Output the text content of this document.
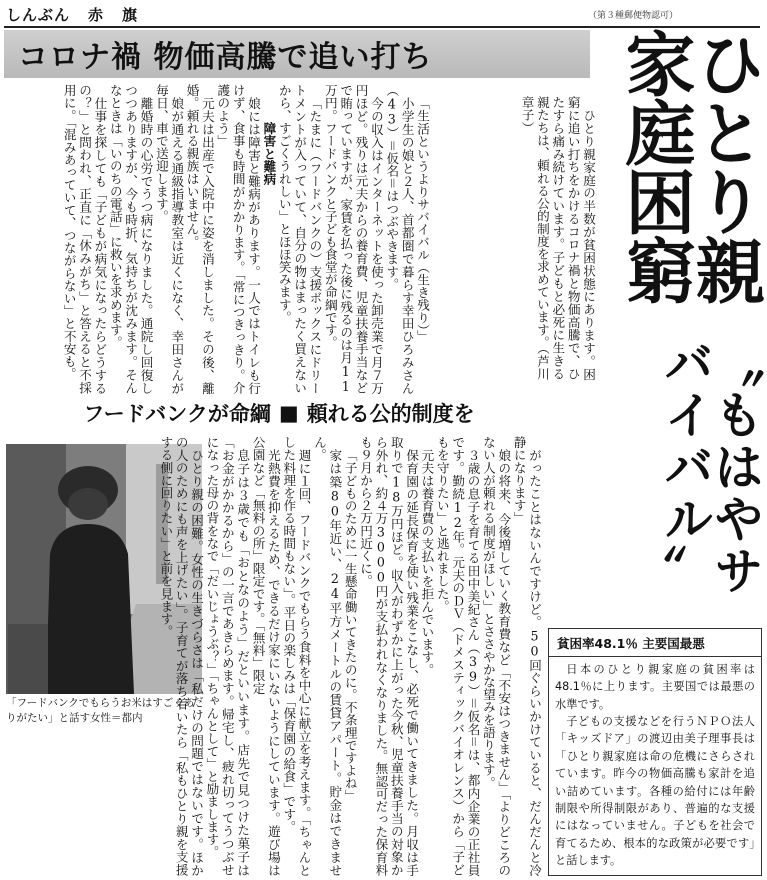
しんぶん 赤 旗	（第３種郵便物認可）
コロナ禍 物価高騰で追い打ち	ひとり親家庭困窮
〝もはやサバイバル〟

ひとり親家庭の半数が貧困状態にあります。困窮に追い打ちをかけるコロナ禍と物価高騰で、ひたすら痛み続けています。子どもと必死に生きる親たちは、頼れる公的制度を求めています。（芦川章子）

「生活というよりサバイバル（生き残り）」

小学生の娘と２人、首都圏で暮らす幸田ひろみさん（43）＝仮名＝はつぶやきます。

今の収入はインターネットを使った卸売業で月７万円ほど。残りは元夫からの養育費、児童扶養手当などで賄っていますが、家賃を払った後に残るのは月11万円。フードバンクと子ども食堂が命綱です。

「たまに（フードバンクの）支援ボックスにドリートメントが入っていて、自分の物はまったく買えないから、すごくうれしい」とほほ笑みます。

障害と難病

娘には障害と難病があります。一人ではトイレも行けず、食事も時間がかかります。「常につきっきり。介護のよう」

元夫は出産で入院中に姿を消しました。その後、離婚。頼れる親族はいません。

娘が通える通級指導教室は近くになく、幸田さんが毎日、車で送迎します。

離婚時の心労でうつ病になりました。通院し回復しつつありますが、今も時折、気持ちが沈みます。そんなときは「いのちの電話」に救いを求めます。

仕事を探しても「子どもが病気になったらどうするの？」と問われ、正直に「休みがち」と答えると不採用に。「混みあっていて、つながらない」と不安も。

フードバンクが命綱 ■ 頼れる公的制度を
「フードバンクでもらうお米はすごくありがたい」と話す女性＝都内	がったことはないんですけど。50回ぐらいかけていると、だんだんと冷静になります」

娘の将来、今後増していく教育費など「不安はつきません」「よりどころのない人が頼れる制度がほしい」とささやかな望みを語ります。

３歳の息子を育てる田中美紀さん（39）＝仮名＝は、都内企業の正社員です。勤続12年。元夫のＤＶ（ドメスティックバイオレンス）から「子どもを守りたい」と逃れました。

元夫は養育費の支払いを拒んでいます。

保育園の延長保育を使い残業をこなし、必死で働いてきました。月収は手取りで18万円ほど。収入がわずかに上がった今秋、児童扶養手当の対象から外れ、約４万3000円が支払われなくなりました。無認可だった保育料も９月から２万円近くに。

「子どものために一生懸命働いてきたのに。不条理ですよね」

家は築80年近い、24平方メートルの賃貸アパート。貯金はできません。

週に１回、フードバンクでもらう食料を中心に献立を考えます。「ちゃんとした料理を作る時間もない」。平日の楽しみは「保育園の給食」です。

光熱費を抑えるため、できるだけ家にいないようにしています。遊び場は公園など「無料の所」限定です。「無料」限定

息子は３歳でも「おとなのよう」だといいます。店先で見つけた菓子は「お金がかかるから」の一言であきらめます。帰宅し、疲れ切ってうつぶせになった母の背をなで「だいじょうぶ？」「ちゃんとして」と励まします。

ひとり親の困難。女性の生きづらさは「私だけの問題ではないです。ほかの人のためにも声を上げたい」。子育てが落ち着いたら「私もひとり親を支援する側に回りたい」と前を見ます。

貧困率48.1％ 主要国最悪

日本のひとり親家庭の貧困率は48.1％に上ります。主要国では最悪の水準です。

子どもの支援などを行うＮＰＯ法人「キッズドア」の渡辺由美子理事長は「ひとり親家庭は命の危機にさらされています。昨今の物価高騰も家計を追い詰めています。各種の給付には年齢制限や所得制限があり、普遍的な支援にはなっていません。子どもを社会で育てるため、根本的な政策が必要です」と話します。
